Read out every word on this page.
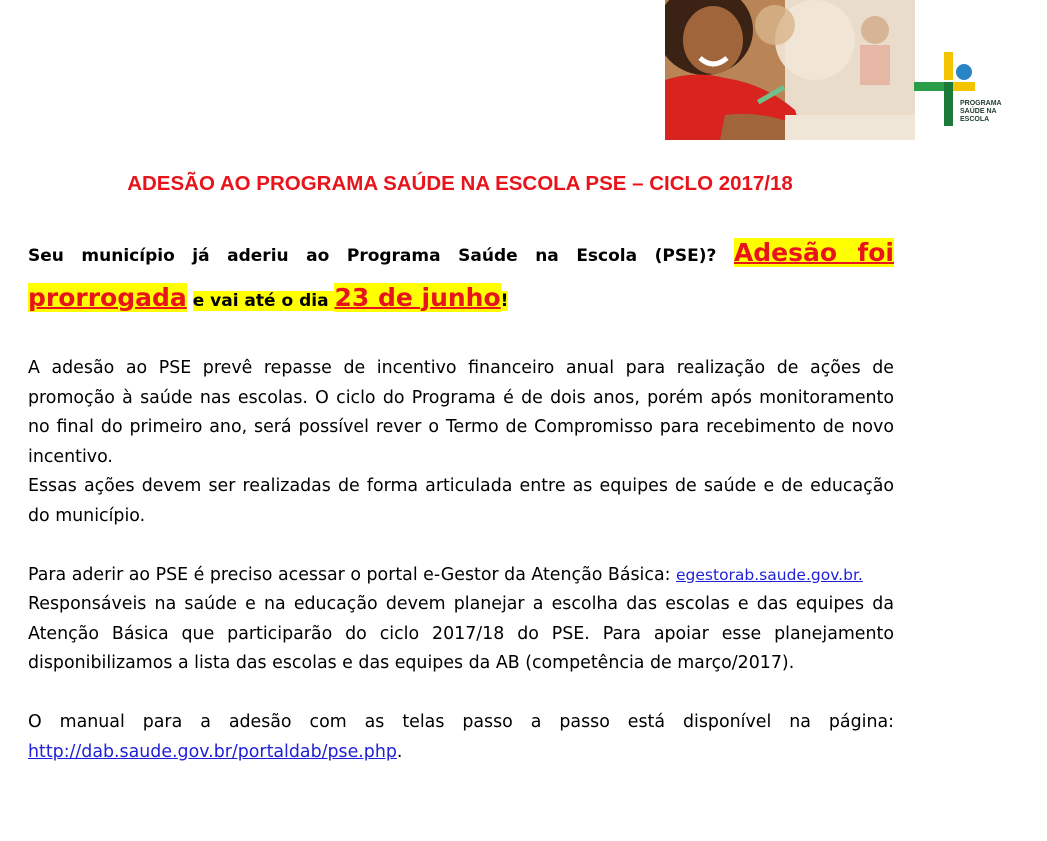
PROGRAMA
SAÚDE NA
ESCOLA
ADESÃO AO PROGRAMA SAÚDE NA ESCOLA PSE – CICLO 2017/18

Seu município já aderiu ao Programa Saúde na Escola (PSE)? Adesão foi prorrogada e vai até o dia 23 de junho!

A adesão ao PSE prevê repasse de incentivo financeiro anual para realização de ações de promoção à saúde nas escolas. O ciclo do Programa é de dois anos, porém após monitoramento no final do primeiro ano, será possível rever o Termo de Compromisso para recebimento de novo incentivo.

Essas ações devem ser realizadas de forma articulada entre as equipes de saúde e de educação do município.

Para aderir ao PSE é preciso acessar o portal e-Gestor da Atenção Básica: egestorab.saude.gov.br.

Responsáveis na saúde e na educação devem planejar a escolha das escolas e das equipes da Atenção Básica que participarão do ciclo 2017/18 do PSE. Para apoiar esse planejamento disponibilizamos a lista das escolas e das equipes da AB (competência de março/2017).

O manual para a adesão com as telas passo a passo está disponível na página: http://dab.saude.gov.br/portaldab/pse.php.
